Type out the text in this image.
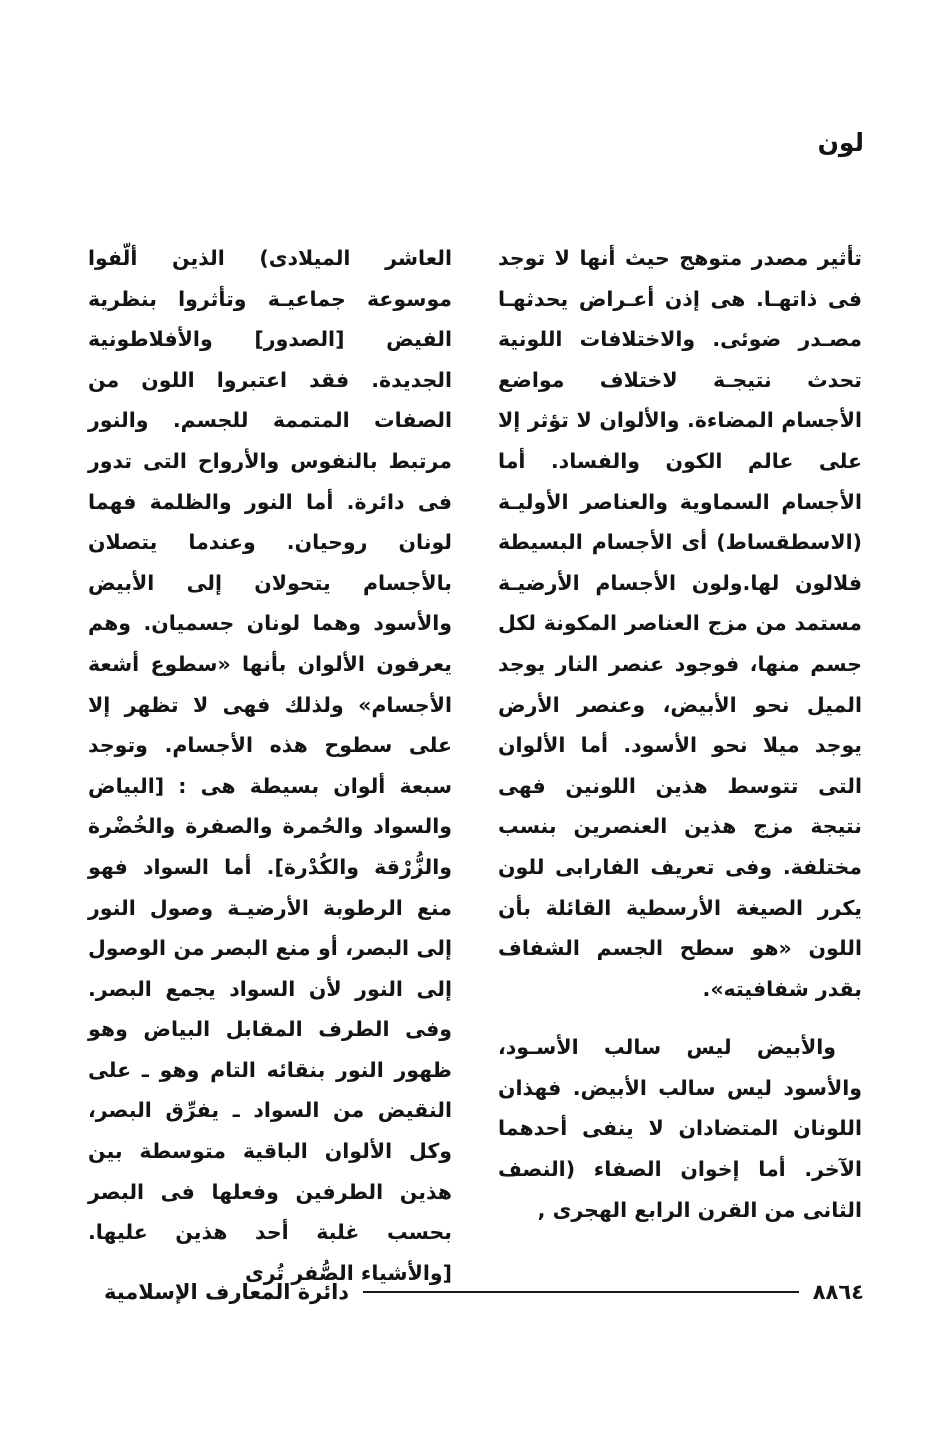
لون

تأثير مصدر متوهج حيث أنها لا توجد فى ذاتهـا. هى إذن أعـراض يحدثهـا مصـدر ضوئى. والاختلافات اللونية تحدث نتيجـة لاختلاف مواضع الأجسام المضاءة. والألوان لا تؤثر إلا على عالم الكون والفساد. أما الأجسام السماوية والعناصر الأوليـة (الاسطقساط) أى الأجسام البسيطة فلالون لها.ولون الأجسام الأرضيـة مستمد من مزج العناصر المكونة لكل جسم منها، فوجود عنصر النار يوجد الميل نحو الأبيض، وعنصر الأرض يوجد ميلا نحو الأسود. أما الألوان التى تتوسط هذين اللونين فهى نتيجة مزج هذين العنصرين بنسب مختلفة. وفى تعريف الفارابى للون يكرر الصيغة الأرسطية القائلة بأن اللون «هو سطح الجسم الشفاف بقدر شفافيته».

والأبيض ليس سالب الأسـود، والأسود ليس سالب الأبيض. فهذان اللونان المتضادان لا ينفى أحدهما الآخر. أما إخوان الصفاء (النصف الثانى من القرن الرابع الهجرى ,

العاشر الميلادى) الذين ألّفوا موسوعة جماعيـة وتأثروا بنظرية الفيض [الصدور] والأفلاطونية الجديدة. فقد اعتبروا اللون من الصفات المتممة للجسم. والنور مرتبط بالنفوس والأرواح التى تدور فى دائرة. أما النور والظلمة فهما لونان روحيان. وعندما يتصلان بالأجسام يتحولان إلى الأبيض والأسود وهما لونان جسميان. وهم يعرفون الألوان بأنها «سطوع أشعة الأجسام» ولذلك فهى لا تظهر إلا على سطوح هذه الأجسام. وتوجد سبعة ألوان بسيطة هى : [البياض والسواد والحُمرة والصفرة والخُضْرة والزُّرْقة والكُدْرة]. أما السواد فهو منع الرطوبة الأرضيـة وصول النور إلى البصر، أو منع البصر من الوصول إلى النور لأن السواد يجمع البصر. وفى الطرف المقابل البياض وهو ظهور النور بنقائه التام وهو ـ على النقيض من السواد ـ يفرِّق البصر، وكل الألوان الباقية متوسطة بين هذين الطرفين وفعلها فى البصر بحسب غلبة أحد هذين عليها. [والأشياء الصُّفر تُرى

٨٨٦٤
دائرة المعارف الإسلامية
